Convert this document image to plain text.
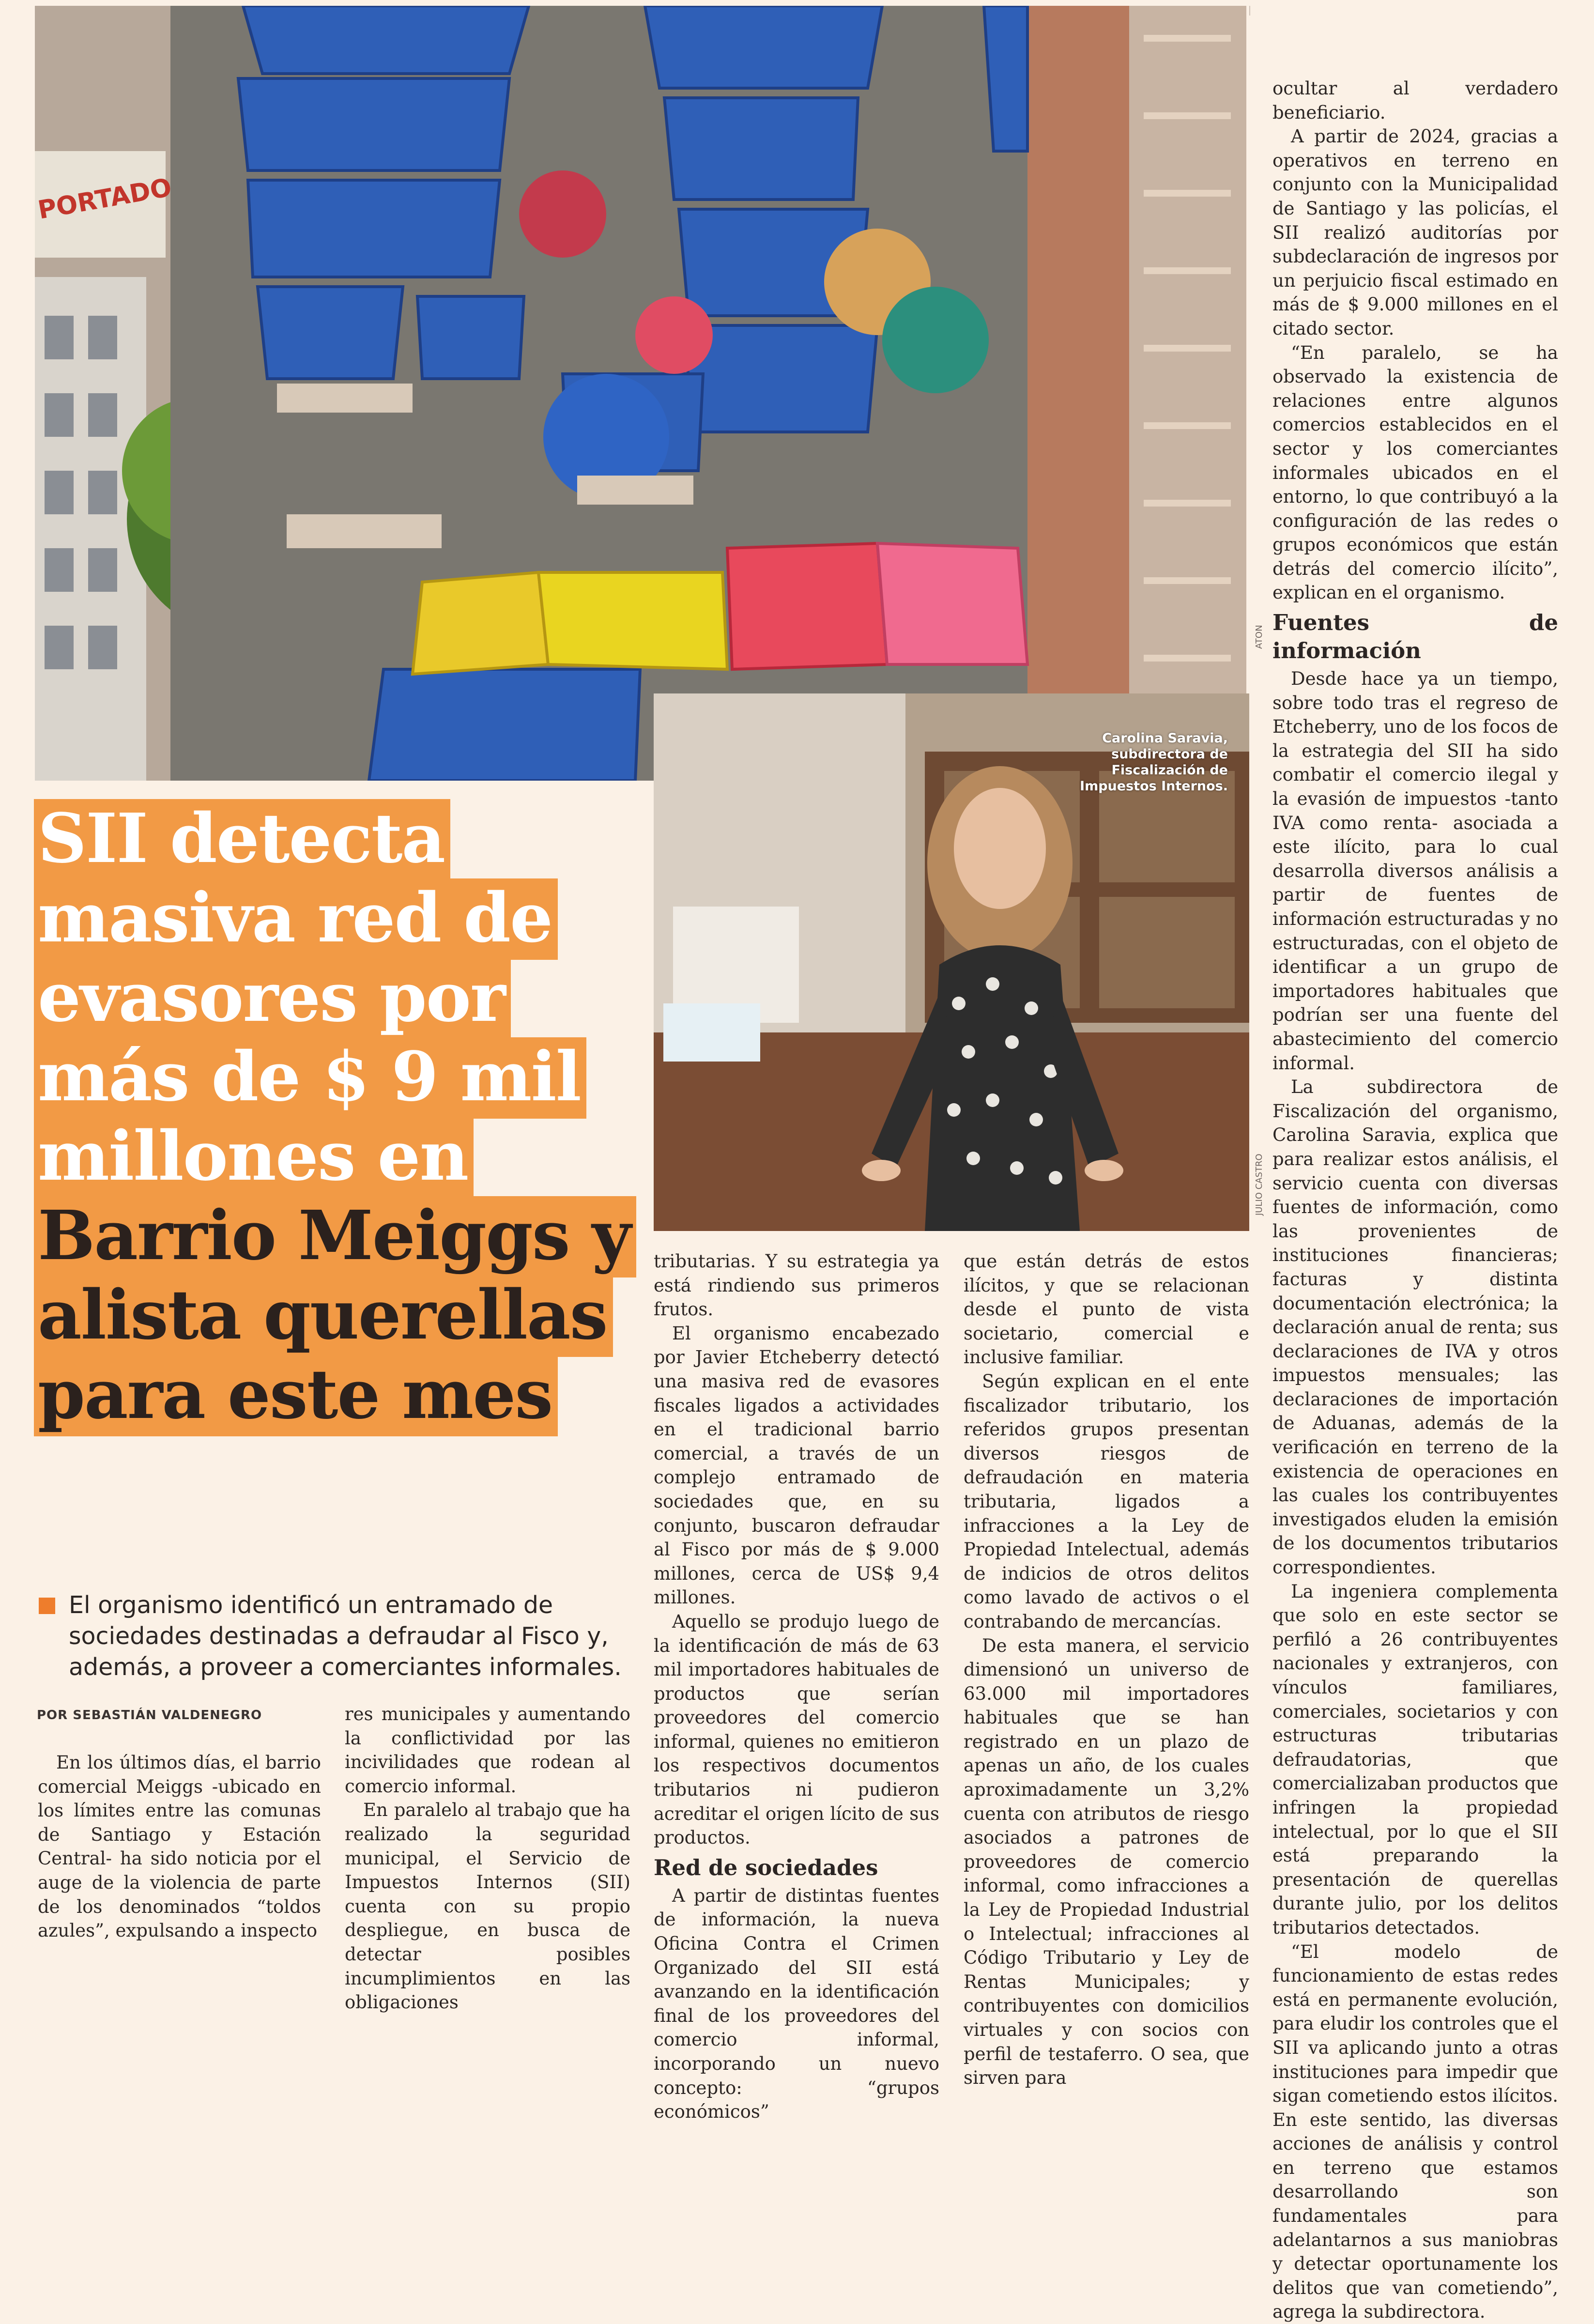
PORTADORES
ATON
Carolina Saravia, subdirectora de Fiscalización de Impuestos Internos.
JULIO CASTRO
SII detecta
masiva red de
evasores por
más de $ 9 mil
millones en

Barrio Meiggs y
alista querellas
para este mes
El organismo identificó un entramado de sociedades destinadas a defraudar al Fisco y, además, a proveer a comerciantes informales.
POR SEBASTIÁN VALDENEGRO

En los últimos días, el barrio comercial Meiggs -ubicado en los límites entre las comunas de Santiago y Estación Central- ha sido noticia por el auge de la violencia de parte de los denominados “toldos azules”, expulsando a inspecto

res municipales y aumentando la conflictividad por las incivilidades que rodean al comercio informal.

En paralelo al trabajo que ha realizado la seguridad municipal, el Servicio de Impuestos Internos (SII) cuenta con su propio despliegue, en busca de detectar posibles incumplimientos en las obligaciones

tributarias. Y su estrategia ya está rindiendo sus primeros frutos.

El organismo encabezado por Javier Etcheberry detectó una masiva red de evasores fiscales ligados a actividades en el tradicional barrio comercial, a través de un complejo entramado de sociedades que, en su conjunto, buscaron defraudar al Fisco por más de $ 9.000 millones, cerca de US$ 9,4 millones.

Aquello se produjo luego de la identificación de más de 63 mil importadores habituales de productos que serían proveedores del comercio informal, quienes no emitieron los respectivos documentos tributarios ni pudieron acreditar el origen lícito de sus productos.

Red de sociedades

A partir de distintas fuentes de información, la nueva Oficina Contra el Crimen Organizado del SII está avanzando en la identificación final de los proveedores del comercio informal, incorporando un nuevo concepto: “grupos económicos”

que están detrás de estos ilícitos, y que se relacionan desde el punto de vista societario, comercial e inclusive familiar.

Según explican en el ente fiscalizador tributario, los referidos grupos presentan diversos riesgos de defraudación en materia tributaria, ligados a infracciones a la Ley de Propiedad Intelectual, además de indicios de otros delitos como lavado de activos o el contrabando de mercancías.

De esta manera, el servicio dimensionó un universo de 63.000 mil importadores habituales que se han registrado en un plazo de apenas un año, de los cuales aproximadamente un 3,2% cuenta con atributos de riesgo asociados a patrones de proveedores de comercio informal, como infracciones a la Ley de Propiedad Industrial o Intelectual; infracciones al Código Tributario y Ley de Rentas Municipales; y contribuyentes con domicilios virtuales y con socios con perfil de testaferro. O sea, que sirven para

ocultar al verdadero beneficiario.

A partir de 2024, gracias a operativos en terreno en conjunto con la Municipalidad de Santiago y las policías, el SII realizó auditorías por subdeclaración de ingresos por un perjuicio fiscal estimado en más de $ 9.000 millones en el citado sector.

“En paralelo, se ha observado la existencia de relaciones entre algunos comercios establecidos en el sector y los comerciantes informales ubicados en el entorno, lo que contribuyó a la configuración de las redes o grupos económicos que están detrás del comercio ilícito”, explican en el organismo.

Fuentes de información

Desde hace ya un tiempo, sobre todo tras el regreso de Etcheberry, uno de los focos de la estrategia del SII ha sido combatir el comercio ilegal y la evasión de impuestos -tanto IVA como renta- asociada a este ilícito, para lo cual desarrolla diversos análisis a partir de fuentes de información estructuradas y no estructuradas, con el objeto de identificar a un grupo de importadores habituales que podrían ser una fuente del abastecimiento del comercio informal.

La subdirectora de Fiscalización del organismo, Carolina Saravia, explica que para realizar estos análisis, el servicio cuenta con diversas fuentes de información, como las provenientes de instituciones financieras; facturas y distinta documentación electrónica; la declaración anual de renta; sus declaraciones de IVA y otros impuestos mensuales; las declaraciones de importación de Aduanas, además de la verificación en terreno de la existencia de operaciones en las cuales los contribuyentes investigados eluden la emisión de los documentos tributarios correspondientes.

La ingeniera complementa que solo en este sector se perfiló a 26 contribuyentes nacionales y extranjeros, con vínculos familiares, comerciales, societarios y con estructuras tributarias defraudatorias, que comercializaban productos que infringen la propiedad intelectual, por lo que el SII está preparando la presentación de querellas durante julio, por los delitos tributarios detectados.

“El modelo de funcionamiento de estas redes está en permanente evolución, para eludir los controles que el SII va aplicando junto a otras instituciones para impedir que sigan cometiendo estos ilícitos. En este sentido, las diversas acciones de análisis y control en terreno que estamos desarrollando son fundamentales para adelantarnos a sus maniobras y detectar oportunamente los delitos que van cometiendo”, agrega la subdirectora.
